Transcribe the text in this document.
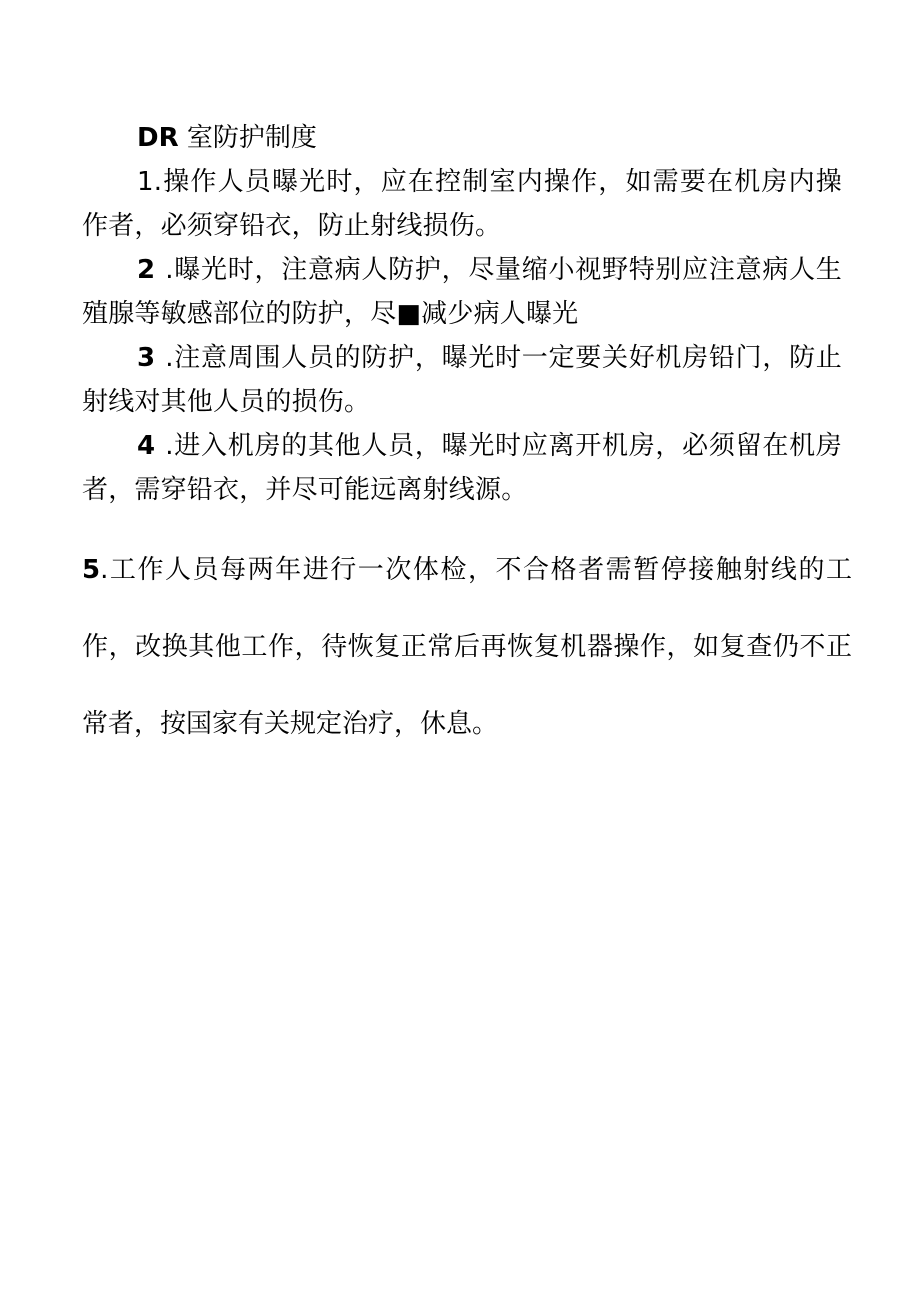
DR 室防护制度
1.操作人员曝光时，应在控制室内操作，如需要在机房内操作者，必须穿铅衣，防止射线损伤。
2 .曝光时，注意病人防护，尽量缩小视野特别应注意病人生殖腺等敏感部位的防护，尽■减少病人曝光
3 .注意周围人员的防护，曝光时一定要关好机房铅门，防止射线对其他人员的损伤。
4 .进入机房的其他人员，曝光时应离开机房，必须留在机房者，需穿铅衣，并尽可能远离射线源。
5.工作人员每两年进行一次体检，不合格者需暂停接触射线的工作，改换其他工作，待恢复正常后再恢复机器操作，如复查仍不正常者，按国家有关规定治疗，休息。
